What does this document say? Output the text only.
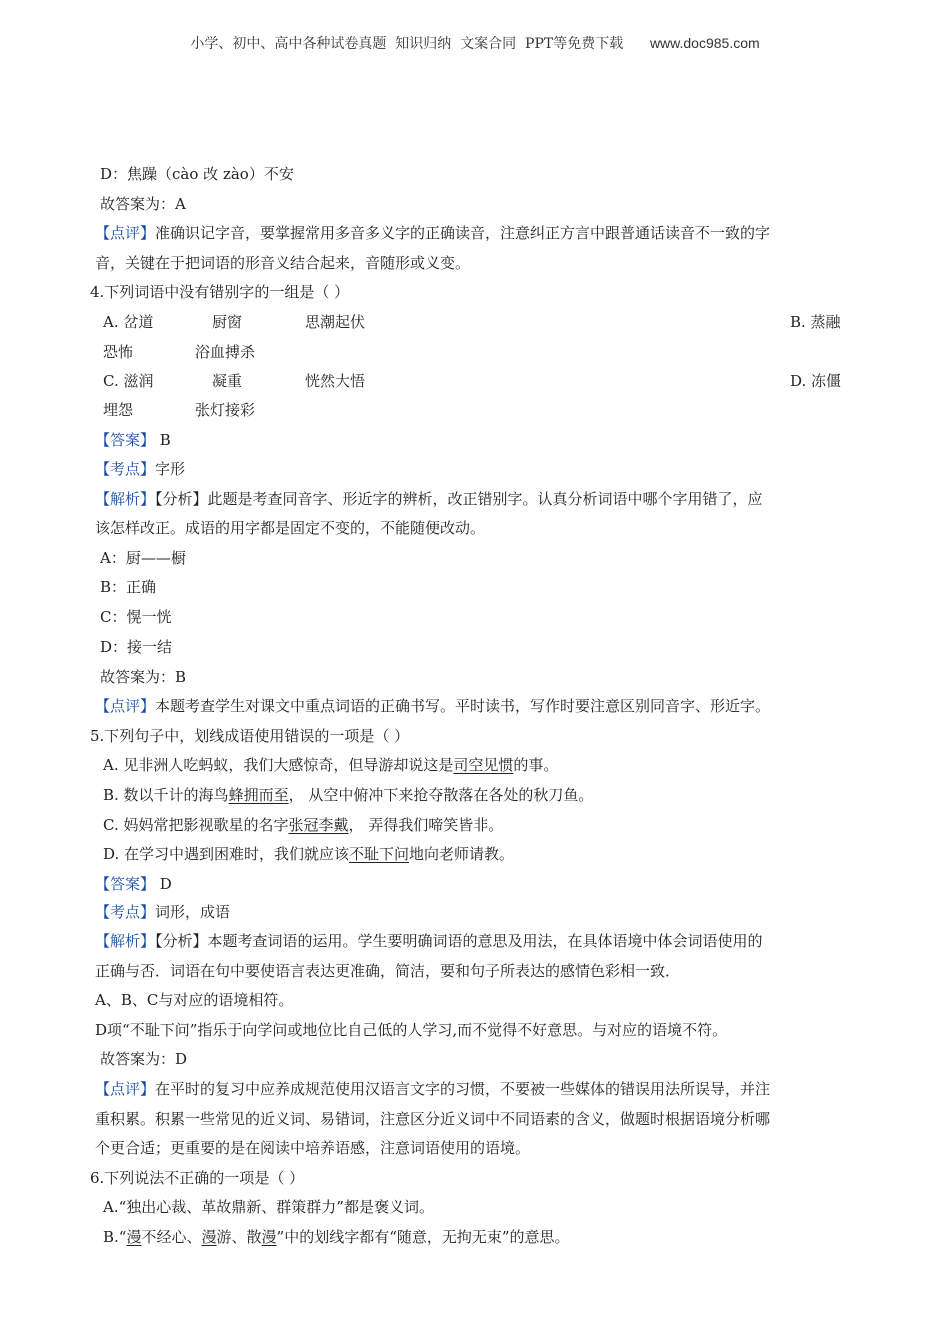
小学、初中、高中各种试卷真题  知识归纳  文案合同  PPT等免费下载 www.doc985.com
D：焦躁（cào 改 zào）不安
故答案为：A
【点评】准确识记字音，要掌握常用多音多义字的正确读音，注意纠正方言中跟普通话读音不一致的字
音，关键在于把词语的形音义结合起来，音随形或义变。
4.下列词语中没有错别字的一组是（ ）
A. 岔道	厨窗	思潮起伏	B. 蒸融
恐怖	浴血搏杀
C. 滋润	凝重	恍然大悟	D. 冻僵
埋怨	张灯接彩
【答案】 B
【考点】字形
【解析】【分析】此题是考查同音字、形近字的辨析，改正错别字。认真分析词语中哪个字用错了，应
该怎样改正。成语的用字都是固定不变的，不能随便改动。
A：厨——橱
B：正确
C：愰一恍
D：接一结
故答案为：B
【点评】本题考查学生对课文中重点词语的正确书写。平时读书，写作时要注意区别同音字、形近字。
5.下列句子中，划线成语使用错误的一项是（ ）
A. 见非洲人吃蚂蚁，我们大感惊奇，但导游却说这是司空见惯的事。
B. 数以千计的海鸟蜂拥而至， 从空中俯冲下来抢夺散落在各处的秋刀鱼。
C. 妈妈常把影视歌星的名字张冠李戴， 弄得我们啼笑皆非。
D. 在学习中遇到困难时，我们就应该不耻下问地向老师请教。
【答案】 D
【考点】词形，成语
【解析】【分析】本题考查词语的运用。学生要明确词语的意思及用法，在具体语境中体会词语使用的
正确与否．词语在句中要使语言表达更准确，简洁，要和句子所表达的感情色彩相一致．
A、B、C与对应的语境相符。
D项“不耻下问”指乐于向学问或地位比自己低的人学习,而不觉得不好意思。与对应的语境不符。
故答案为：D
【点评】在平时的复习中应养成规范使用汉语言文字的习惯，不要被一些媒体的错误用法所误导，并注
重积累。积累一些常见的近义词、易错词，注意区分近义词中不同语素的含义，做题时根据语境分析哪
个更合适；更重要的是在阅读中培养语感，注意词语使用的语境。
6.下列说法不正确的一项是（ ）
A.“独出心裁、革故鼎新、群策群力”都是褒义词。
B.“漫不经心、漫游、散漫”中的划线字都有“随意，无拘无束”的意思。
